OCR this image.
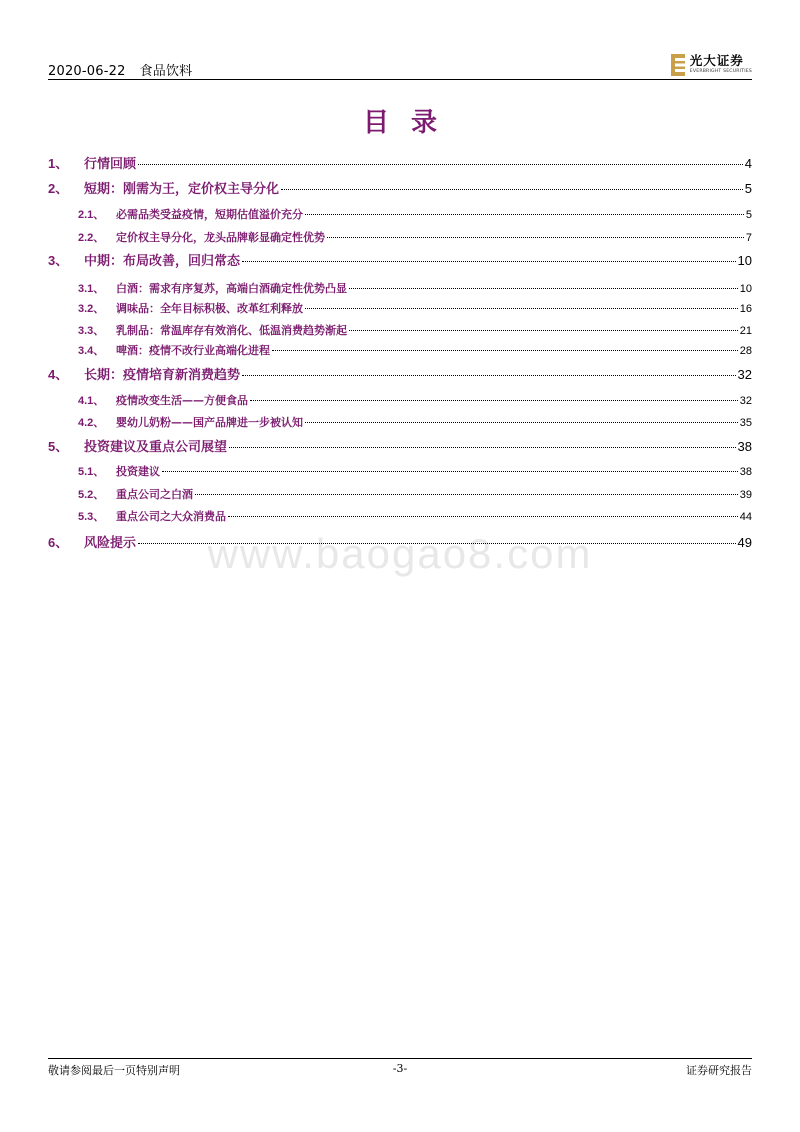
2020-06-22 食品饮料
光大证券
EVERBRIGHT SECURITIES
目录
www.baogao8.com
1、	行情回顾	4
2、	短期：刚需为王，定价权主导分化	5
2.1、	必需品类受益疫情，短期估值溢价充分	5
2.2、	定价权主导分化，龙头品牌彰显确定性优势	7
3、	中期：布局改善，回归常态	10
3.1、	白酒：需求有序复苏，高端白酒确定性优势凸显	10
3.2、	调味品：全年目标积极、改革红利释放	16
3.3、	乳制品：常温库存有效消化、低温消费趋势渐起	21
3.4、	啤酒：疫情不改行业高端化进程	28
4、	长期：疫情培育新消费趋势	32
4.1、	疫情改变生活——方便食品	32
4.2、	婴幼儿奶粉——国产品牌进一步被认知	35
5、	投资建议及重点公司展望	38
5.1、	投资建议	38
5.2、	重点公司之白酒	39
5.3、	重点公司之大众消费品	44
6、	风险提示	49
敬请参阅最后一页特别声明	-3-	证券研究报告
